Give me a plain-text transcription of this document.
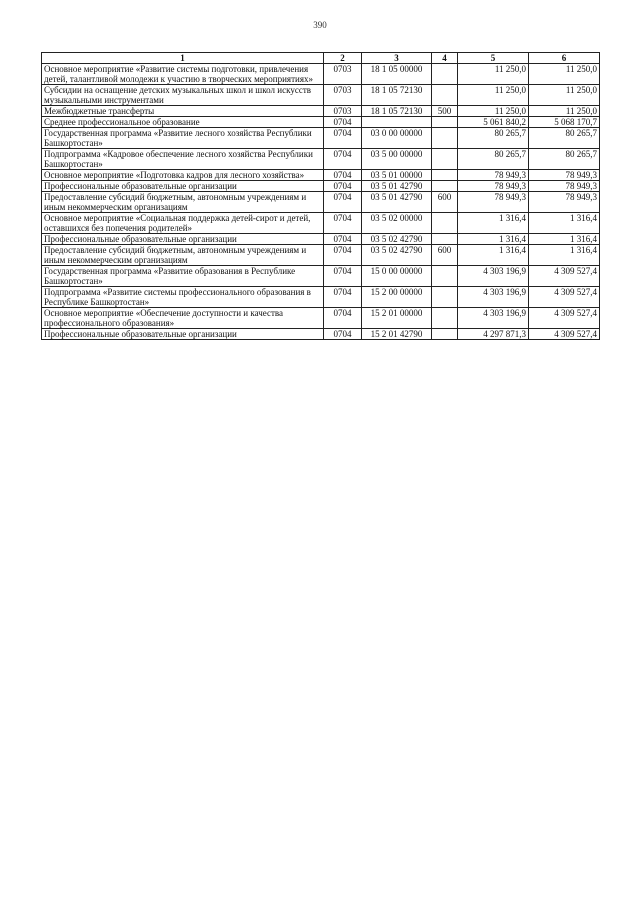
390
1	2	3	4	5	6
Основное мероприятие «Развитие системы подготовки, привлечения детей, талантливой молодежи к участию в творческих мероприятиях»	0703	18 1 05 00000		11 250,0	11 250,0
Субсидии на оснащение детских музыкальных школ и школ искусств музыкальными инструментами	0703	18 1 05 72130		11 250,0	11 250,0
Межбюджетные трансферты	0703	18 1 05 72130	500	11 250,0	11 250,0
Среднее профессиональное образование	0704			5 061 840,2	5 068 170,7
Государственная программа «Развитие лесного хозяйства Республики Башкортостан»	0704	03 0 00 00000		80 265,7	80 265,7
Подпрограмма «Кадровое обеспечение лесного хозяйства Республики Башкортостан»	0704	03 5 00 00000		80 265,7	80 265,7
Основное мероприятие «Подготовка кадров для лесного хозяйства»	0704	03 5 01 00000		78 949,3	78 949,3
Профессиональные образовательные организации	0704	03 5 01 42790		78 949,3	78 949,3
Предоставление субсидий бюджетным, автономным учреждениям и иным некоммерческим организациям	0704	03 5 01 42790	600	78 949,3	78 949,3
Основное мероприятие «Социальная поддержка детей-сирот и детей, оставшихся без попечения родителей»	0704	03 5 02 00000		1 316,4	1 316,4
Профессиональные образовательные организации	0704	03 5 02 42790		1 316,4	1 316,4
Предоставление субсидий бюджетным, автономным учреждениям и иным некоммерческим организациям	0704	03 5 02 42790	600	1 316,4	1 316,4
Государственная программа «Развитие образования в Республике Башкортостан»	0704	15 0 00 00000		4 303 196,9	4 309 527,4
Подпрограмма «Развитие системы профессионального образования в Республике Башкортостан»	0704	15 2 00 00000		4 303 196,9	4 309 527,4
Основное мероприятие «Обеспечение доступности и качества профессионального образования»	0704	15 2 01 00000		4 303 196,9	4 309 527,4
Профессиональные образовательные организации	0704	15 2 01 42790		4 297 871,3	4 309 527,4
